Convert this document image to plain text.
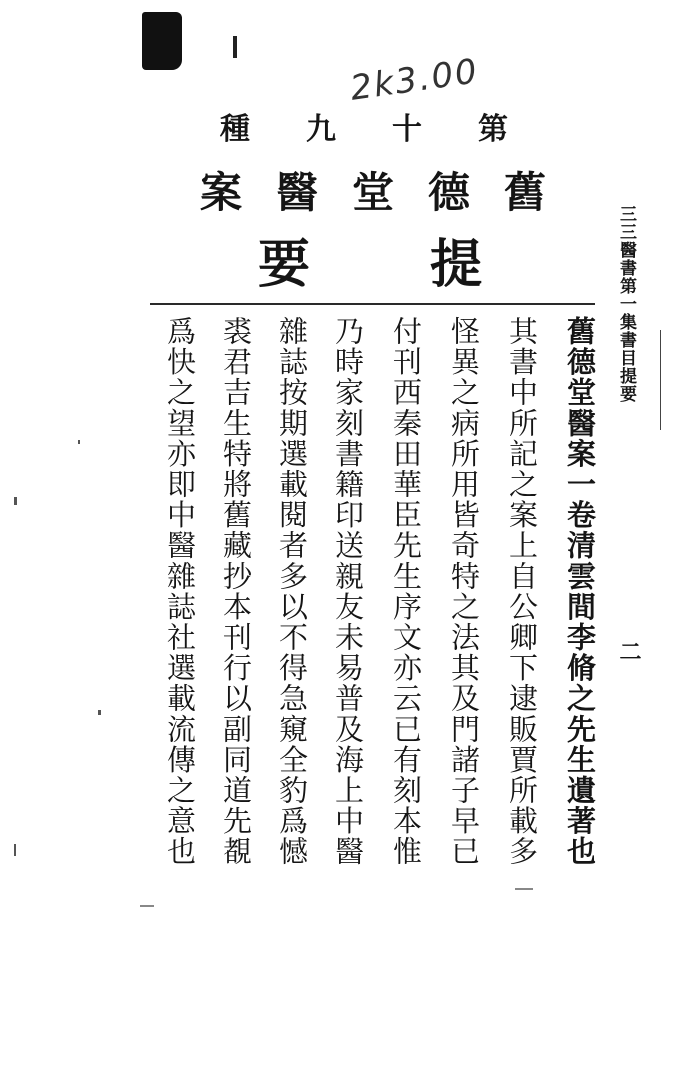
2k3.00
第十九種
舊德堂醫案
提要 三三醫書第一集書目提要
二
舊德堂醫案一卷清雲間李脩之先生遺著也
其書中所記之案上自公卿下逮販賈所載多
怪異之病所用皆奇特之法其及門諸子早已
付刊西秦田華臣先生序文亦云已有刻本惟
乃時家刻書籍印送親友未易普及海上中醫
雜誌按期選載閱者多以不得急窺全豹爲憾
裘君吉生特將舊藏抄本刊行以副同道先覩
爲快之望亦即中醫雜誌社選載流傳之意也
